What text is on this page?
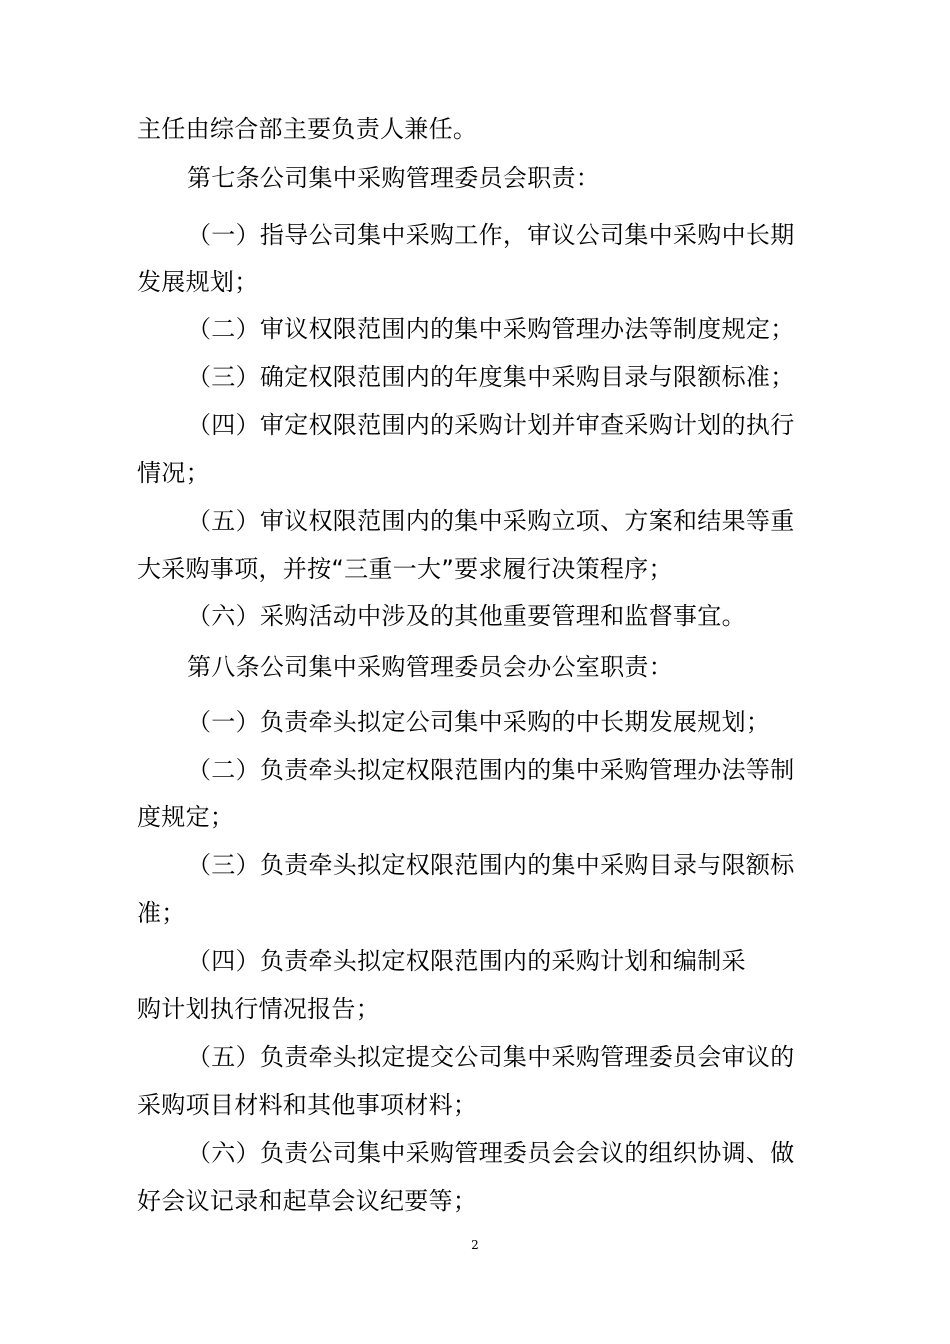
主任由综合部主要负责人兼任。
第七条公司集中采购管理委员会职责：
（一）指导公司集中采购工作，审议公司集中采购中长期
发展规划；
（二）审议权限范围内的集中采购管理办法等制度规定；
（三）确定权限范围内的年度集中采购目录与限额标准；
（四）审定权限范围内的采购计划并审查采购计划的执行
情况；
（五）审议权限范围内的集中采购立项、方案和结果等重
大采购事项，并按“三重一大”要求履行决策程序；
（六）采购活动中涉及的其他重要管理和监督事宜。
第八条公司集中采购管理委员会办公室职责：
（一）负责牵头拟定公司集中采购的中长期发展规划；
（二）负责牵头拟定权限范围内的集中采购管理办法等制
度规定；
（三）负责牵头拟定权限范围内的集中采购目录与限额标
准；
（四）负责牵头拟定权限范围内的采购计划和编制采
购计划执行情况报告；
（五）负责牵头拟定提交公司集中采购管理委员会审议的
采购项目材料和其他事项材料；
（六）负责公司集中采购管理委员会会议的组织协调、做
好会议记录和起草会议纪要等；
2
